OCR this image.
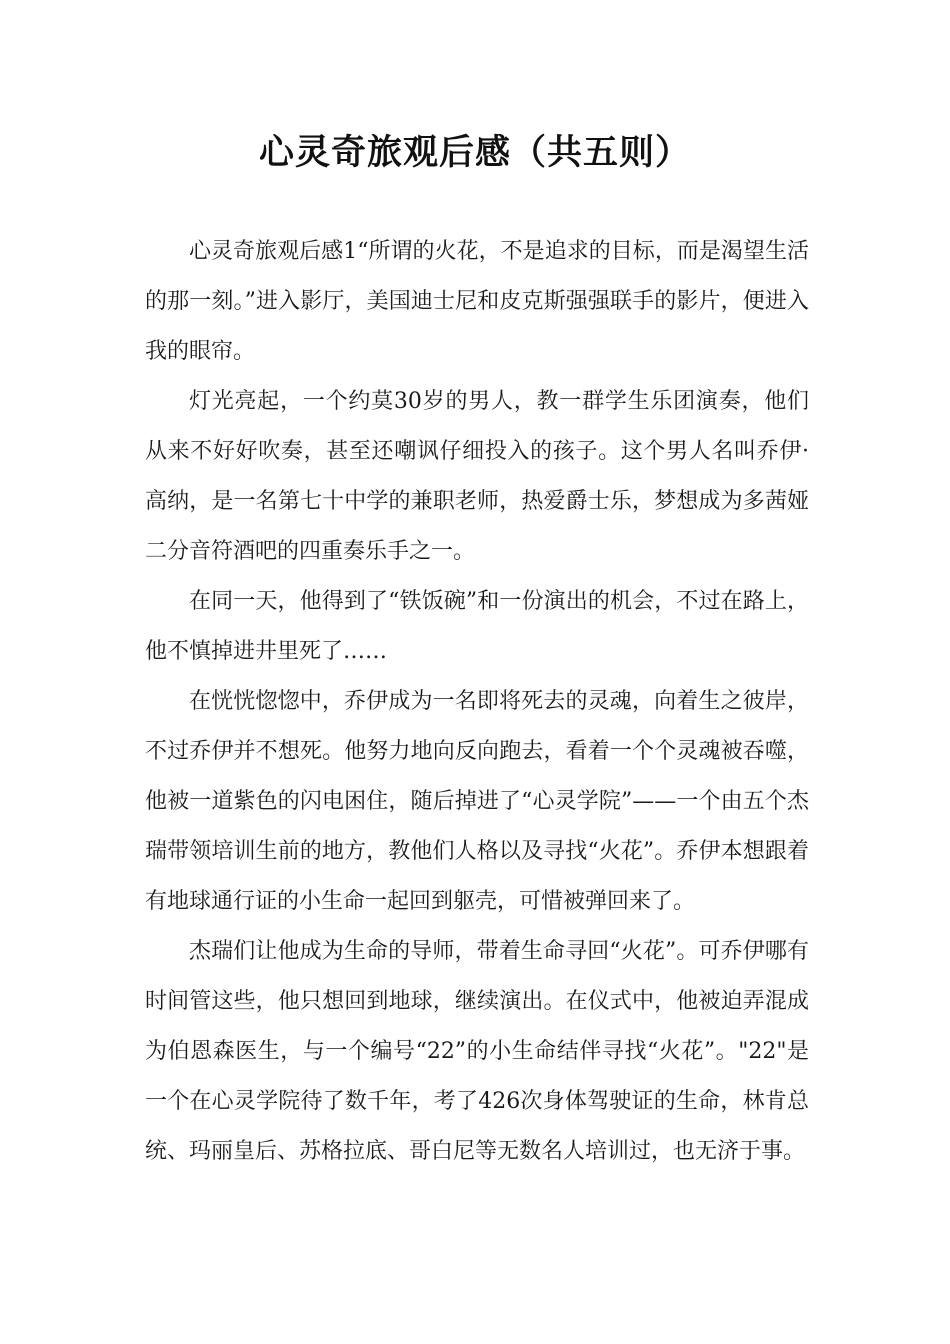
心灵奇旅观后感（共五则）

心灵奇旅观后感1“所谓的火花，不是追求的目标，而是渴望生活的那一刻。”进入影厅，美国迪士尼和皮克斯强强联手的影片，便进入我的眼帘。

灯光亮起，一个约莫30岁的男人，教一群学生乐团演奏，他们从来不好好吹奏，甚至还嘲讽仔细投入的孩子。这个男人名叫乔伊·高纳，是一名第七十中学的兼职老师，热爱爵士乐，梦想成为多茜娅二分音符酒吧的四重奏乐手之一。

在同一天，他得到了“铁饭碗”和一份演出的机会，不过在路上，他不慎掉进井里死了……

在恍恍惚惚中，乔伊成为一名即将死去的灵魂，向着生之彼岸，不过乔伊并不想死。他努力地向反向跑去，看着一个个灵魂被吞噬，他被一道紫色的闪电困住，随后掉进了“心灵学院”——一个由五个杰瑞带领培训生前的地方，教他们人格以及寻找“火花”。乔伊本想跟着有地球通行证的小生命一起回到躯壳，可惜被弹回来了。

杰瑞们让他成为生命的导师，带着生命寻回“火花”。可乔伊哪有时间管这些，他只想回到地球，继续演出。在仪式中，他被迫弄混成为伯恩森医生，与一个编号“22”的小生命结伴寻找“火花”。"22"是一个在心灵学院待了数千年，考了426次身体驾驶证的生命，林肯总统、玛丽皇后、苏格拉底、哥白尼等无数名人培训过，也无济于事。
